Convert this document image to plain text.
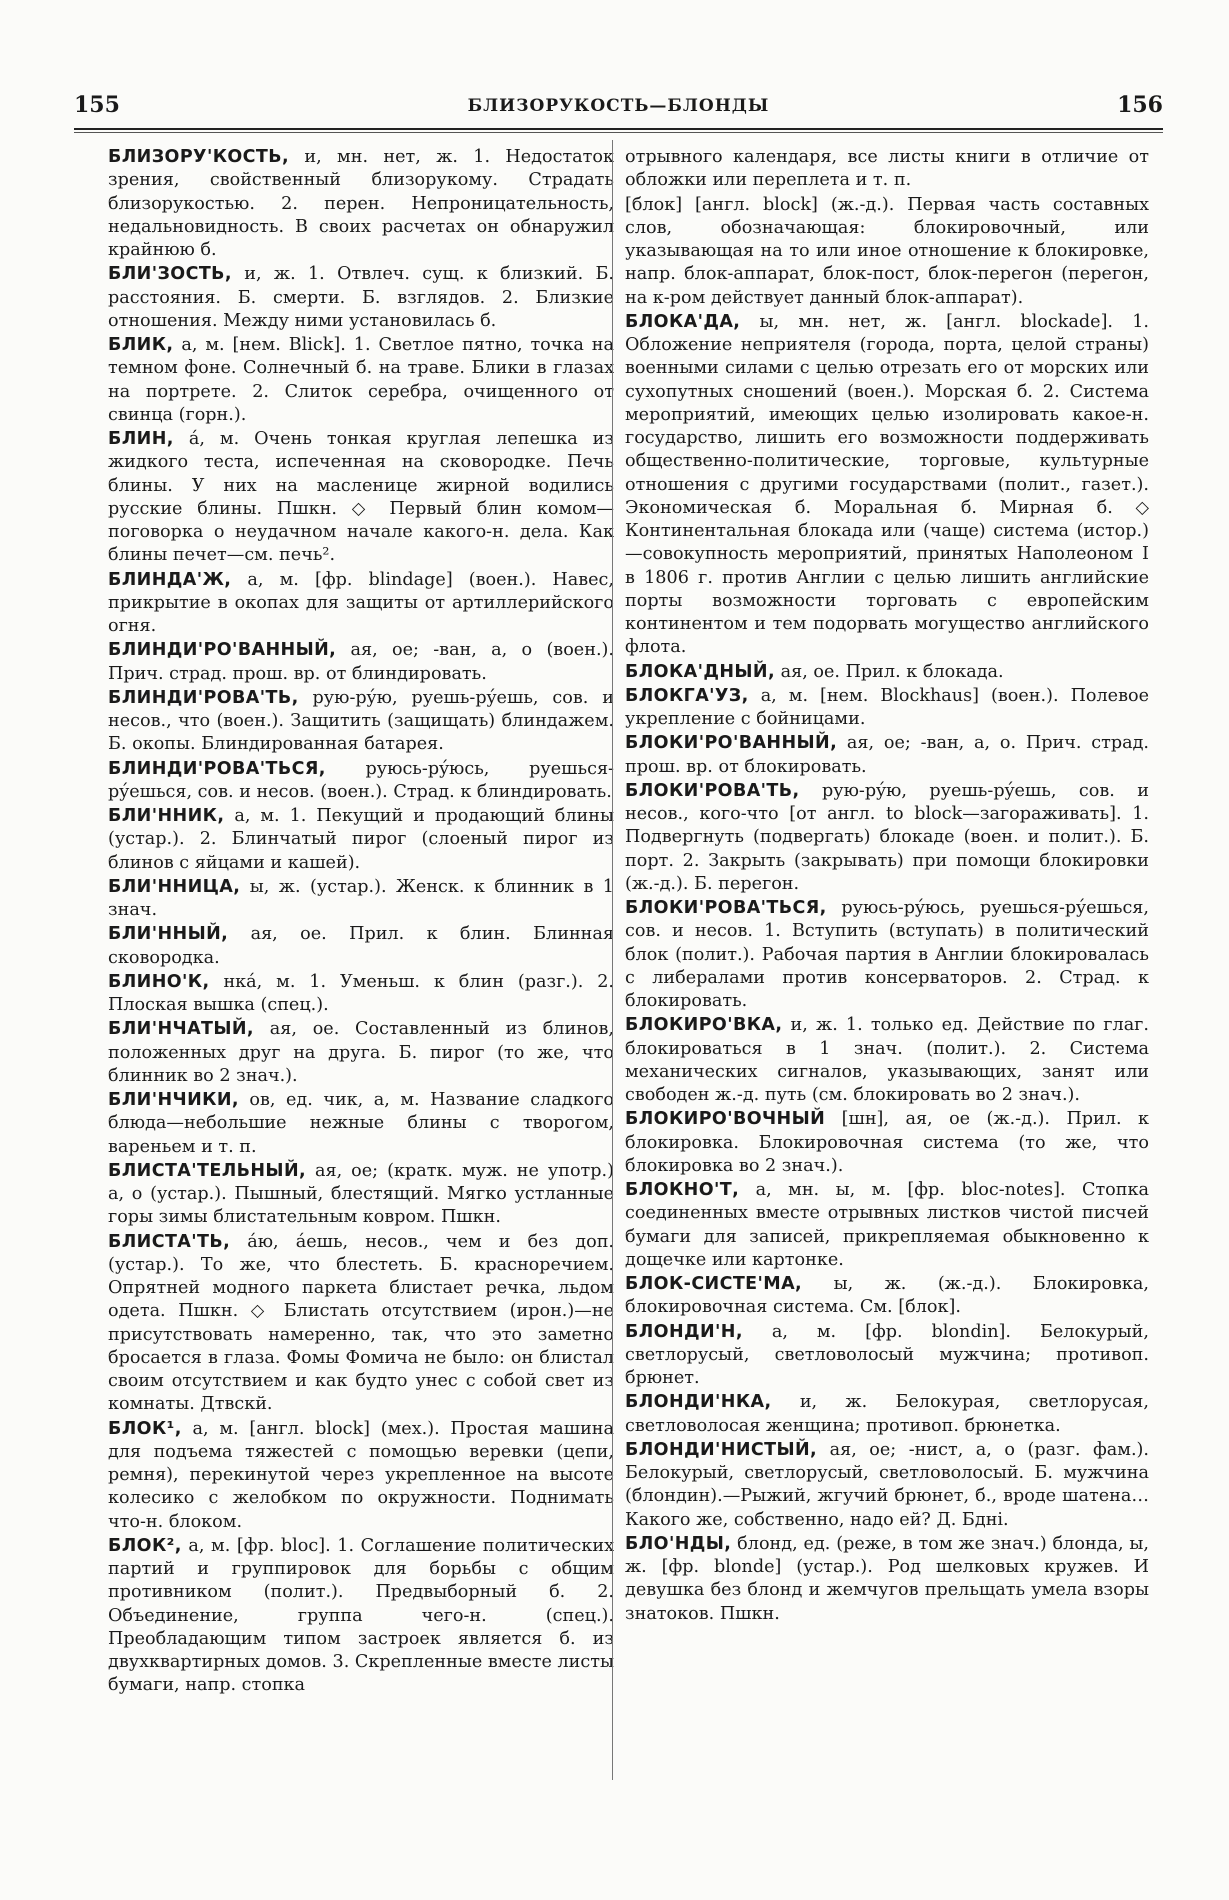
155	БЛИЗОРУКОСТЬ—БЛОНДЫ	156

БЛИЗОРУ'КОСТЬ, и, мн. нет, ж. 1. Недостаток зрения, свойственный близорукому. Страдать близорукостью. 2. перен. Непроницательность, недальновидность. В своих расчетах он обнаружил крайнюю б.

БЛИ'ЗОСТЬ, и, ж. 1. Отвлеч. сущ. к близкий. Б. расстояния. Б. смерти. Б. взглядов. 2. Близкие отношения. Между ними установилась б.

БЛИК, а, м. [нем. Blick]. 1. Светлое пятно, точка на темном фоне. Солнечный б. на траве. Блики в глазах на портрете. 2. Слиток серебра, очищенного от свинца (горн.).

БЛИН, á, м. Очень тонкая круглая лепешка из жидкого теста, испеченная на сковородке. Печь блины. У них на масленице жирной водились русские блины. Пшкн. ◇ Первый блин комом—поговорка о неудачном начале какого-н. дела. Как блины печет—см. печь².

БЛИНДА'Ж, а, м. [фр. blindage] (воен.). Навес, прикрытие в окопах для защиты от артиллерийского огня.

БЛИНДИ'РО'ВАННЫЙ, ая, ое; -ван, а, о (воен.). Прич. страд. прош. вр. от блиндировать.

БЛИНДИ'РОВА'ТЬ, рую-рýю, руешь-рýешь, сов. и несов., что (воен.). Защитить (защищать) блиндажем. Б. окопы. Блиндированная батарея.

БЛИНДИ'РОВА'ТЬСЯ, руюсь-рýюсь, руешься-рýешься, сов. и несов. (воен.). Страд. к блиндировать.

БЛИ'ННИК, а, м. 1. Пекущий и продающий блины (устар.). 2. Блинчатый пирог (слоеный пирог из блинов с яйцами и кашей).

БЛИ'ННИЦА, ы, ж. (устар.). Женск. к блинник в 1 знач.

БЛИ'ННЫЙ, ая, ое. Прил. к блин. Блинная сковородка.

БЛИНО'К, нкá, м. 1. Уменьш. к блин (разг.). 2. Плоская вышка (спец.).

БЛИ'НЧАТЫЙ, ая, ое. Составленный из блинов, положенных друг на друга. Б. пирог (то же, что блинник во 2 знач.).

БЛИ'НЧИКИ, ов, ед. чик, а, м. Название сладкого блюда—небольшие нежные блины с творогом, вареньем и т. п.

БЛИСТА'ТЕЛЬНЫЙ, ая, ое; (кратк. муж. не употр.) а, о (устар.). Пышный, блестящий. Мягко устланные горы зимы блистательным ковром. Пшкн.

БЛИСТА'ТЬ, áю, áешь, несов., чем и без доп. (устар.). То же, что блестеть. Б. красноречием. Опрятней модного паркета блистает речка, льдом одета. Пшкн. ◇ Блистать отсутствием (ирон.)—не присутствовать намеренно, так, что это заметно бросается в глаза. Фомы Фомича не было: он блистал своим отсутствием и как будто унес с собой свет из комнаты. Дтвскй.

БЛОК¹, а, м. [англ. block] (мех.). Простая машина для подъема тяжестей с помощью веревки (цепи, ремня), перекинутой через укрепленное на высоте колесико с желобком по окружности. Поднимать что-н. блоком.

БЛОК², а, м. [фр. bloc]. 1. Соглашение политических партий и группировок для борьбы с общим противником (полит.). Предвыборный б. 2. Объединение, группа чего-н. (спец.). Преобладающим типом застроек является б. из двухквартирных домов. 3. Скрепленные вместе листы бумаги, напр. стопка

отрывного календаря, все листы книги в отличие от обложки или переплета и т. п.

[блок] [англ. block] (ж.-д.). Первая часть составных слов, обозначающая: блокировочный, или указывающая на то или иное отношение к блокировке, напр. блок-аппарат, блок-пост, блок-перегон (перегон, на к-ром действует данный блок-аппарат).

БЛОКА'ДА, ы, мн. нет, ж. [англ. blockade]. 1. Обложение неприятеля (города, порта, целой страны) военными силами с целью отрезать его от морских или сухопутных сношений (воен.). Морская б. 2. Система мероприятий, имеющих целью изолировать какое-н. государство, лишить его возможности поддерживать общественно-политические, торговые, культурные отношения с другими государствами (полит., газет.). Экономическая б. Моральная б. Мирная б. ◇ Континентальная блокада или (чаще) система (истор.)—совокупность мероприятий, принятых Наполеоном I в 1806 г. против Англии с целью лишить английские порты возможности торговать с европейским континентом и тем подорвать могущество английского флота.

БЛОКА'ДНЫЙ, ая, ое. Прил. к блокада.

БЛОКГА'УЗ, а, м. [нем. Blockhaus] (воен.). Полевое укрепление с бойницами.

БЛОКИ'РО'ВАННЫЙ, ая, ое; -ван, а, о. Прич. страд. прош. вр. от блокировать.

БЛОКИ'РОВА'ТЬ, рую-рýю, руешь-рýешь, сов. и несов., кого-что [от англ. to block—загораживать]. 1. Подвергнуть (подвергать) блокаде (воен. и полит.). Б. порт. 2. Закрыть (закрывать) при помощи блокировки (ж.-д.). Б. перегон.

БЛОКИ'РОВА'ТЬСЯ, руюсь-рýюсь, руешься-рýешься, сов. и несов. 1. Вступить (вступать) в политический блок (полит.). Рабочая партия в Англии блокировалась с либералами против консерваторов. 2. Страд. к блокировать.

БЛОКИРО'ВКА, и, ж. 1. только ед. Действие по глаг. блокироваться в 1 знач. (полит.). 2. Система механических сигналов, указывающих, занят или свободен ж.-д. путь (см. блокировать во 2 знач.).

БЛОКИРО'ВОЧНЫЙ [шн], ая, ое (ж.-д.). Прил. к блокировка. Блокировочная система (то же, что блокировка во 2 знач.).

БЛОКНО'Т, а, мн. ы, м. [фр. bloc-notes]. Стопка соединенных вместе отрывных листков чистой писчей бумаги для записей, прикрепляемая обыкновенно к дощечке или картонке.

БЛОК-СИСТЕ'МА, ы, ж. (ж.-д.). Блокировка, блокировочная система. См. [блок].

БЛОНДИ'Н, а, м. [фр. blondin]. Белокурый, светлорусый, светловолосый мужчина; противоп. брюнет.

БЛОНДИ'НКА, и, ж. Белокурая, светлорусая, светловолосая женщина; противоп. брюнетка.

БЛОНДИ'НИСТЫЙ, ая, ое; -нист, а, о (разг. фам.). Белокурый, светлорусый, светловолосый. Б. мужчина (блондин).—Рыжий, жгучий брюнет, б., вроде шатена… Какого же, собственно, надо ей? Д. Бдні.

БЛО'НДЫ, блонд, ед. (реже, в том же знач.) блонда, ы, ж. [фр. blonde] (устар.). Род шелковых кружев. И девушка без блонд и жемчугов прельщать умела взоры знатоков. Пшкн.
